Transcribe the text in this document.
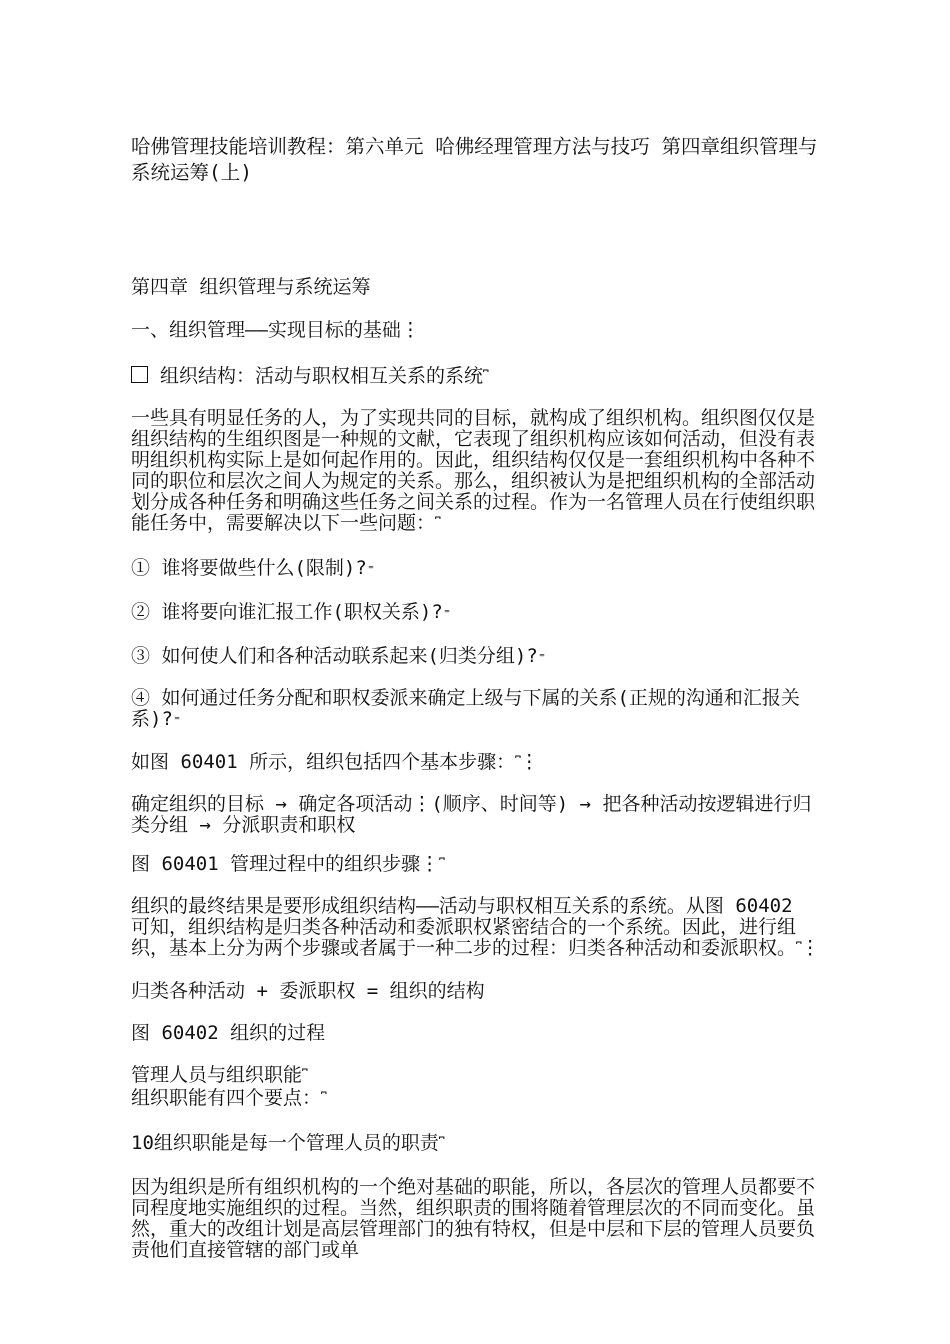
哈佛管理技能培训教程：第六单元 哈佛经理管理方法与技巧 第四章组织管理与系统运筹(上)
第四章 组织管理与系统运筹
一、组织管理——实现目标的基础⋮
组织结构：活动与职权相互关系的系统⎴
一些具有明显任务的人，为了实现共同的目标，就构成了组织机构。组织图仅仅是组织结构的生组织图是一种规的文献，它表现了组织机构应该如何活动，但没有表明组织机构实际上是如何起作用的。因此，组织结构仅仅是一套组织机构中各种不同的职位和层次之间人为规定的关系。那么，组织被认为是把组织机构的全部活动划分成各种任务和明确这些任务之间关系的过程。作为一名管理人员在行使组织职能任务中，需要解决以下一些问题：⎴
① 谁将要做些什么(限制)?⁼
② 谁将要向谁汇报工作(职权关系)?⁼
③ 如何使人们和各种活动联系起来(归类分组)?⁼
④ 如何通过任务分配和职权委派来确定上级与下属的关系(正规的沟通和汇报关系)?⁼
如图 60401 所示，组织包括四个基本步骤：⎴⋮
确定组织的目标 → 确定各项活动⋮(顺序、时间等) → 把各种活动按逻辑进行归类分组 → 分派职责和职权
图 60401 管理过程中的组织步骤⋮⎴
组织的最终结果是要形成组织结构——活动与职权相互关系的系统。从图 60402 可知，组织结构是归类各种活动和委派职权紧密结合的一个系统。因此，进行组织，基本上分为两个步骤或者属于一种二步的过程：归类各种活动和委派职权。⎴⋮
归类各种活动 + 委派职权 = 组织的结构
图 60402 组织的过程
管理人员与组织职能⎴
组织职能有四个要点：⎴
10组织职能是每一个管理人员的职责⎴
因为组织是所有组织机构的一个绝对基础的职能，所以，各层次的管理人员都要不同程度地实施组织的过程。当然，组织职责的围将随着管理层次的不同而变化。虽然，重大的改组计划是高层管理部门的独有特权，但是中层和下层的管理人员要负责他们直接管辖的部门或单
